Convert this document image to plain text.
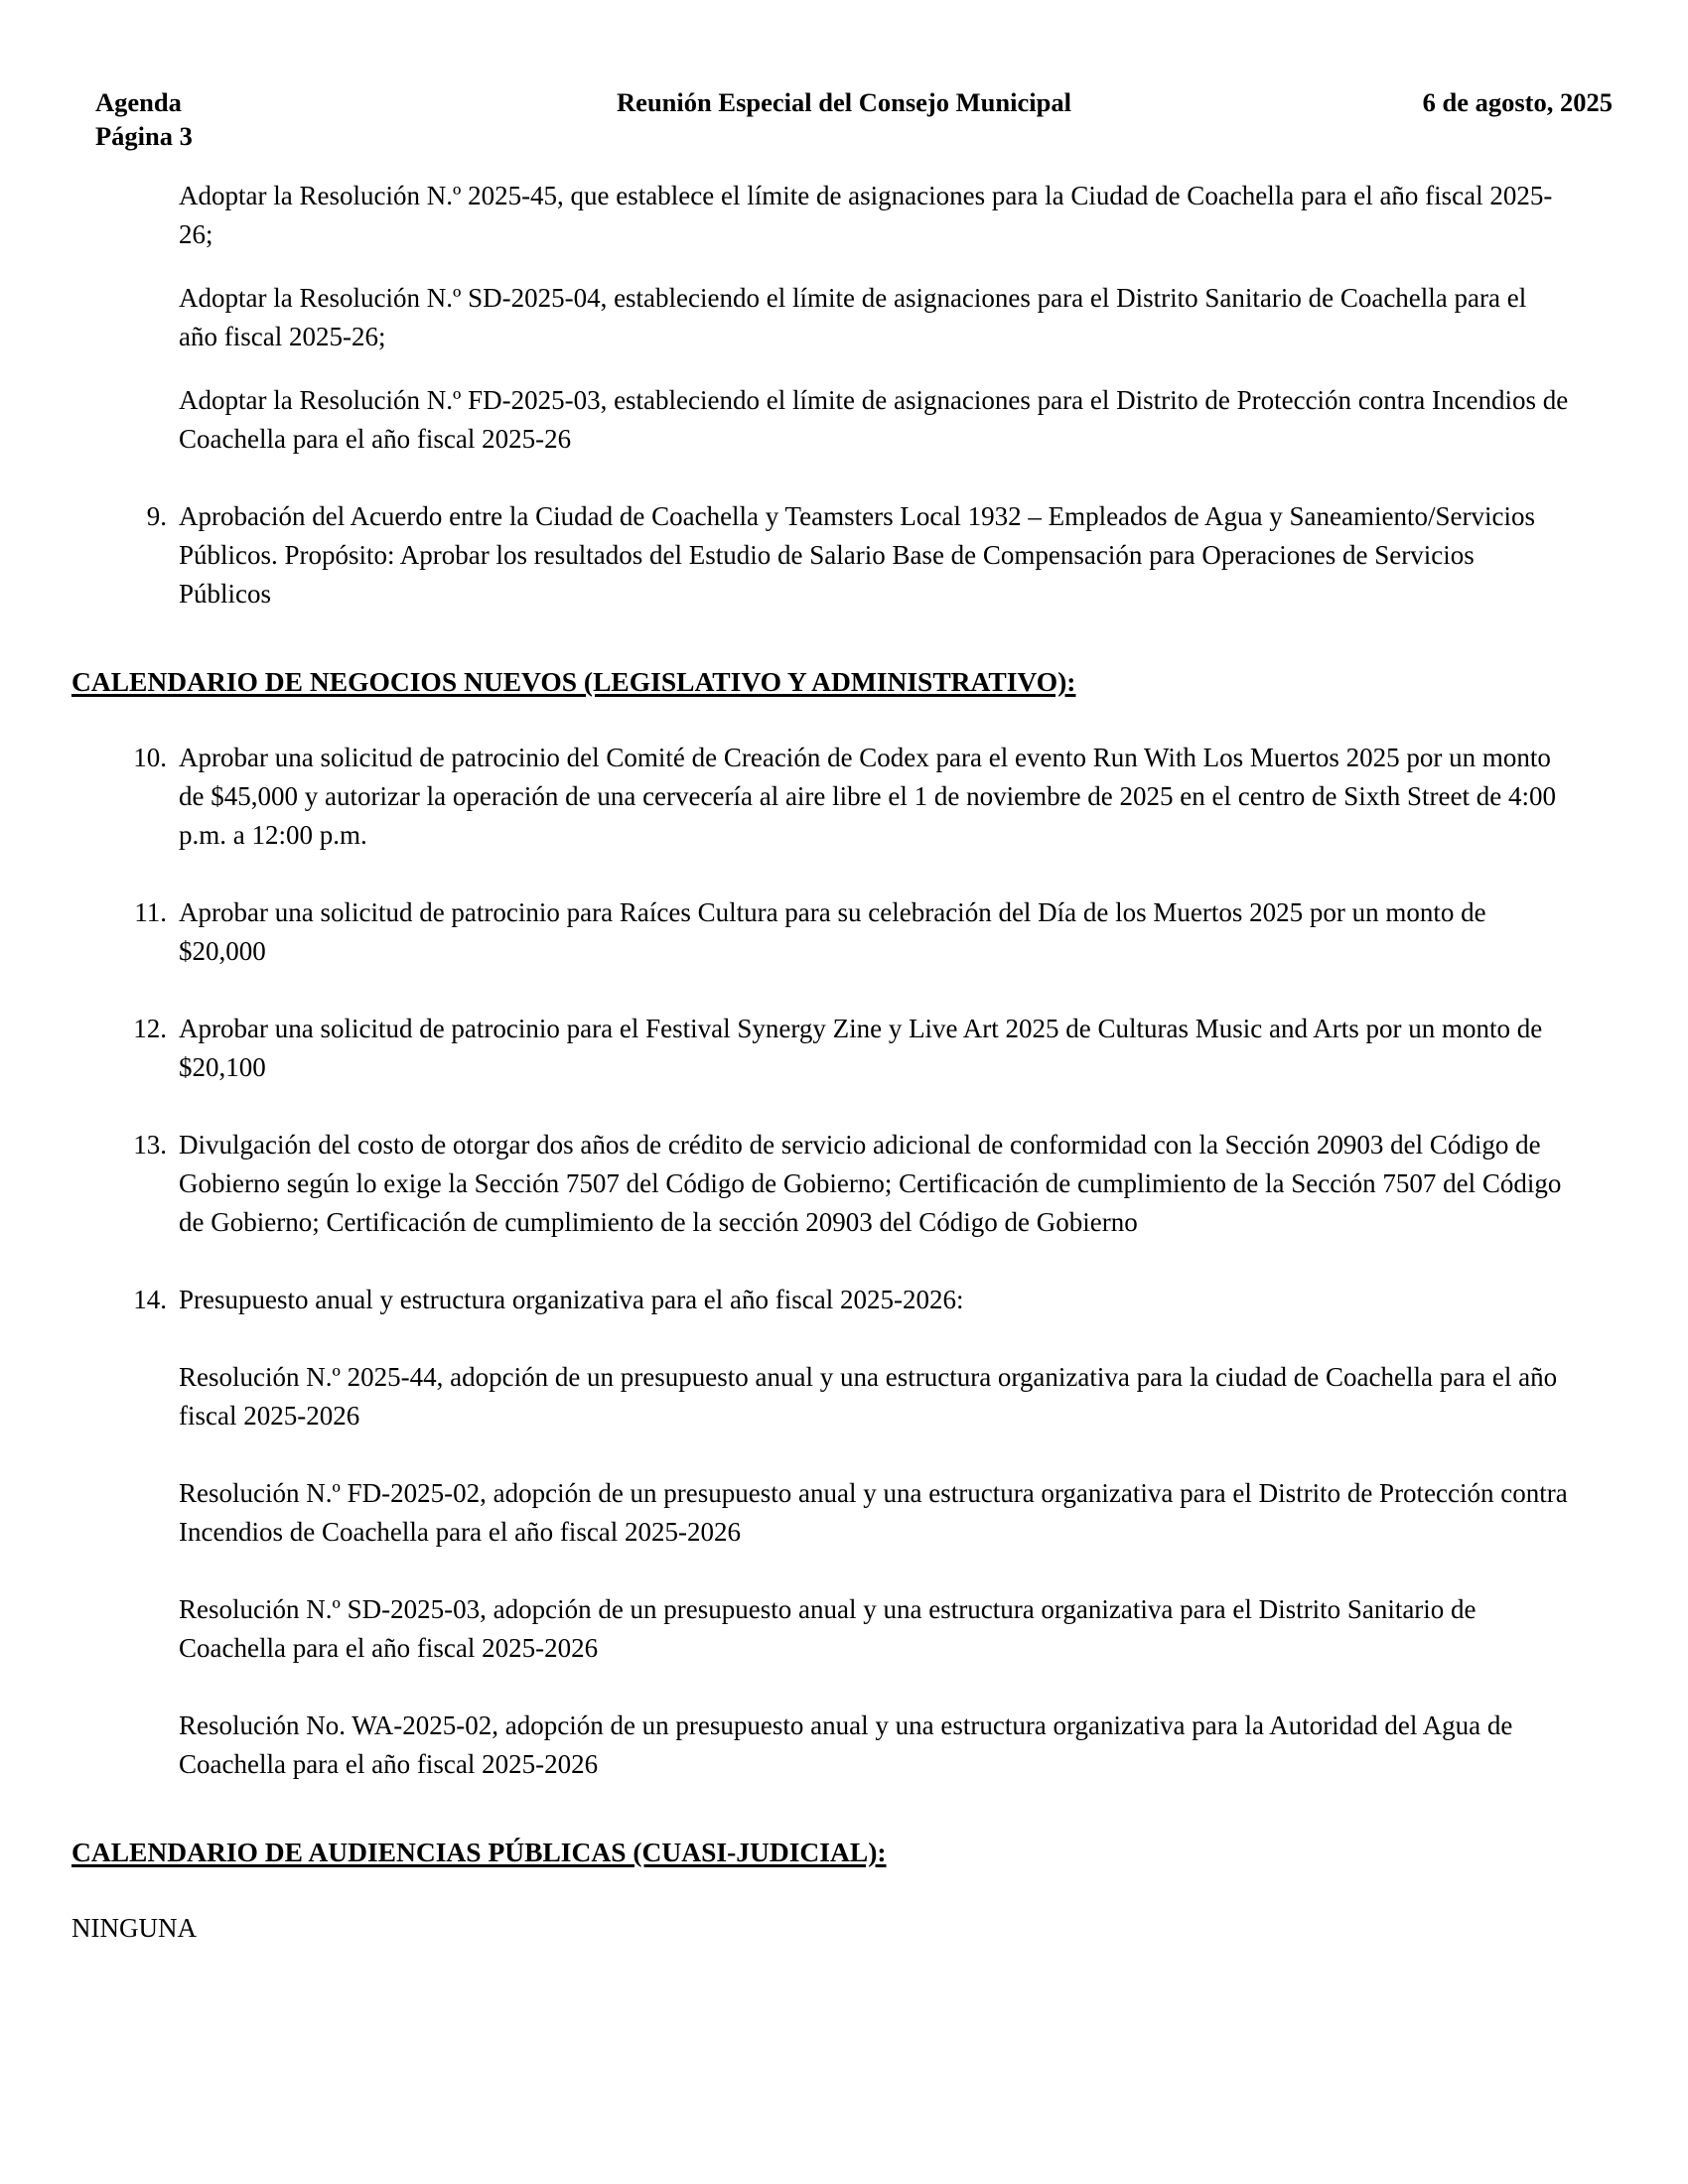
Agenda	Reunión Especial del Consejo Municipal	6 de agosto, 2025
Página 3

Adoptar la Resolución N.º 2025-45, que establece el límite de asignaciones para la Ciudad de Coachella para el año fiscal 2025-26;

Adoptar la Resolución N.º SD-2025-04, estableciendo el límite de asignaciones para el Distrito Sanitario de Coachella para el año fiscal 2025-26;

Adoptar la Resolución N.º FD-2025-03, estableciendo el límite de asignaciones para el Distrito de Protección contra Incendios de Coachella para el año fiscal 2025-26

9. Aprobación del Acuerdo entre la Ciudad de Coachella y Teamsters Local 1932 – Empleados de Agua y Saneamiento/Servicios Públicos. Propósito: Aprobar los resultados del Estudio de Salario Base de Compensación para Operaciones de Servicios Públicos
CALENDARIO DE NEGOCIOS NUEVOS (LEGISLATIVO Y ADMINISTRATIVO):
10. Aprobar una solicitud de patrocinio del Comité de Creación de Codex para el evento Run With Los Muertos 2025 por un monto de $45,000 y autorizar la operación de una cervecería al aire libre el 1 de noviembre de 2025 en el centro de Sixth Street de 4:00 p.m. a 12:00 p.m.
11. Aprobar una solicitud de patrocinio para Raíces Cultura para su celebración del Día de los Muertos 2025 por un monto de $20,000
12. Aprobar una solicitud de patrocinio para el Festival Synergy Zine y Live Art 2025 de Culturas Music and Arts por un monto de $20,100
13. Divulgación del costo de otorgar dos años de crédito de servicio adicional de conformidad con la Sección 20903 del Código de Gobierno según lo exige la Sección 7507 del Código de Gobierno; Certificación de cumplimiento de la Sección 7507 del Código de Gobierno; Certificación de cumplimiento de la sección 20903 del Código de Gobierno
14. Presupuesto anual y estructura organizativa para el año fiscal 2025-2026:

Resolución N.º 2025-44, adopción de un presupuesto anual y una estructura organizativa para la ciudad de Coachella para el año fiscal 2025-2026

Resolución N.º FD-2025-02, adopción de un presupuesto anual y una estructura organizativa para el Distrito de Protección contra Incendios de Coachella para el año fiscal 2025-2026

Resolución N.º SD-2025-03, adopción de un presupuesto anual y una estructura organizativa para el Distrito Sanitario de Coachella para el año fiscal 2025-2026

Resolución No. WA-2025-02, adopción de un presupuesto anual y una estructura organizativa para la Autoridad del Agua de Coachella para el año fiscal 2025-2026

CALENDARIO DE AUDIENCIAS PÚBLICAS (CUASI-JUDICIAL):

NINGUNA
